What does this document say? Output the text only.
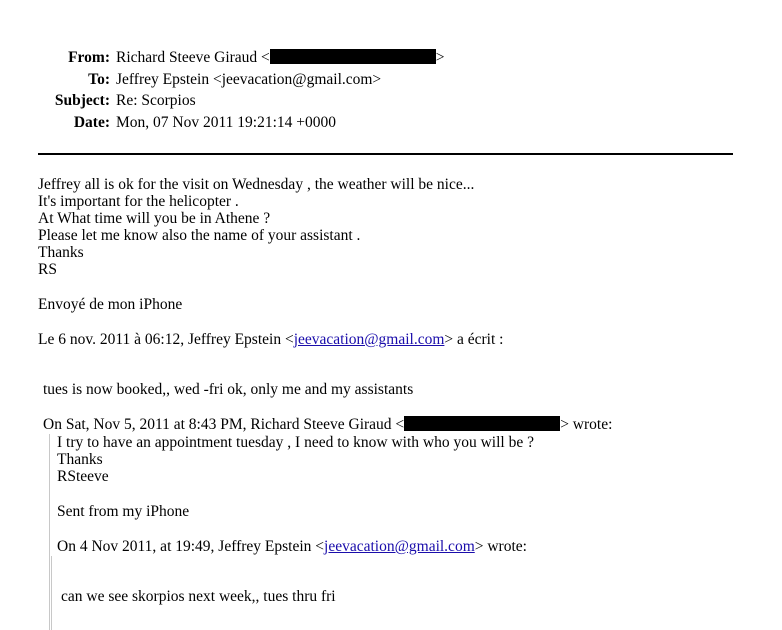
From: Richard Steeve Giraud <	>
To: Jeffrey Epstein <jeevacation@gmail.com>
Subject: Re: Scorpios
Date: Mon, 07 Nov 2011 19:21:14 +0000
Jeffrey all is ok for the visit on Wednesday , the weather will be nice...
It's important for the helicopter .
At What time will you be in Athene ?
Please let me know also the name of your assistant .
Thanks
RS
Envoyé de mon iPhone
Le 6 nov. 2011 à 06:12, Jeffrey Epstein <jeevacation@gmail.com> a écrit :
tues is now booked,, wed -fri ok, only me and my assistants
On Sat, Nov 5, 2011 at 8:43 PM, Richard Steeve Giraud <	> wrote:
I try to have an appointment tuesday , I need to know with who you will be ?
Thanks
RSteeve
Sent from my iPhone
On 4 Nov 2011, at 19:49, Jeffrey Epstein <jeevacation@gmail.com> wrote:
can we see skorpios next week,, tues thru fri
